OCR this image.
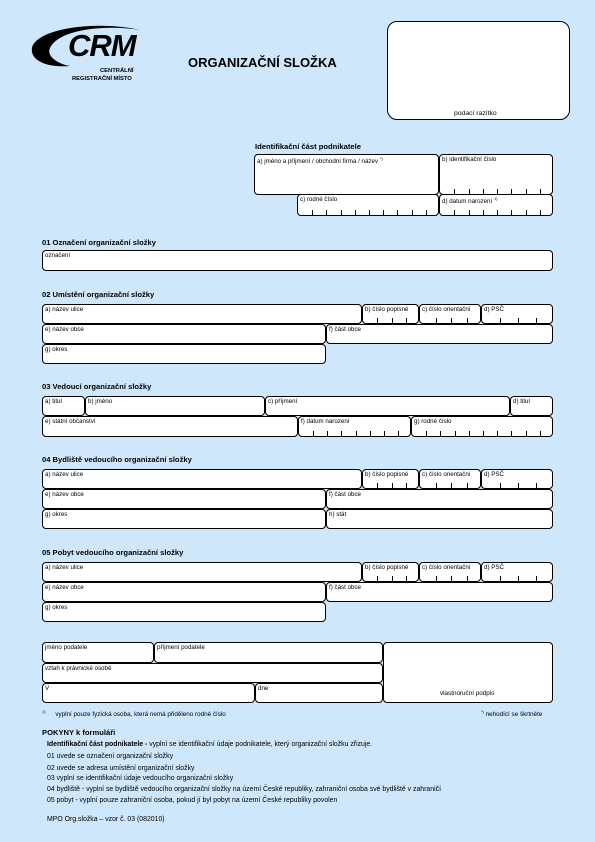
CRM
CENTRÁLNÍ
REGISTRAČNÍ MÍSTO
ORGANIZAČNÍ SLOŽKA
podací razítko
Identifikační část podnikatele
a) jméno a příjmení / obchodní firma / název *)	b) identifikační číslo
c) rodné číslo	d) datum narození $^{1)}$
01 Označení organizační složky
označení
02 Umístění organizační složky
a) název ulice	b) číslo popisné c) číslo orientační d) PSČ
e) název obce	f) část obce
g) okres
03 Vedoucí organizační složky
a) titul	b) jméno	c) příjmení	d) titul
e) státní občanství	f) datum narození	g) rodné číslo
04 Bydliště vedoucího organizační složky
a) název ulice	b) číslo popisné c) číslo orientační d) PSČ
e) název obce	f) část obce
g) okres	h) stát
05 Pobyt vedoucího organizační složky
a) název ulice	b) číslo popisné c) číslo orientační d) PSČ
e) název obce	f) část obce
g) okres
jméno podatele	příjmení podatele
vztah k právnické osobě
V	dne
vlastnoruční podpis
$^{1)}$ vyplní pouze fyzická osoba, která nemá přiděleno rodné číslo	*) nehodící se škrtněte
POKYNY k formuláři
Identifikační část podnikatele - vyplní se identifikační údaje podnikatele, který organizační složku zřizuje.
01 uvede se označení organizační složky
02 uvede se adresa umístění organizační složky
03 vyplní se identifikační údaje vedoucího organizační složky
04 bydliště - vyplní se bydliště vedoucího organizační složky na území České republiky, zahraniční osoba své bydliště v zahraničí
05 pobyt - vyplní pouze zahraniční osoba, pokud jí byl pobyt na území České republiky povolen
MPO Org.složka – vzor č. 03 (082010)
